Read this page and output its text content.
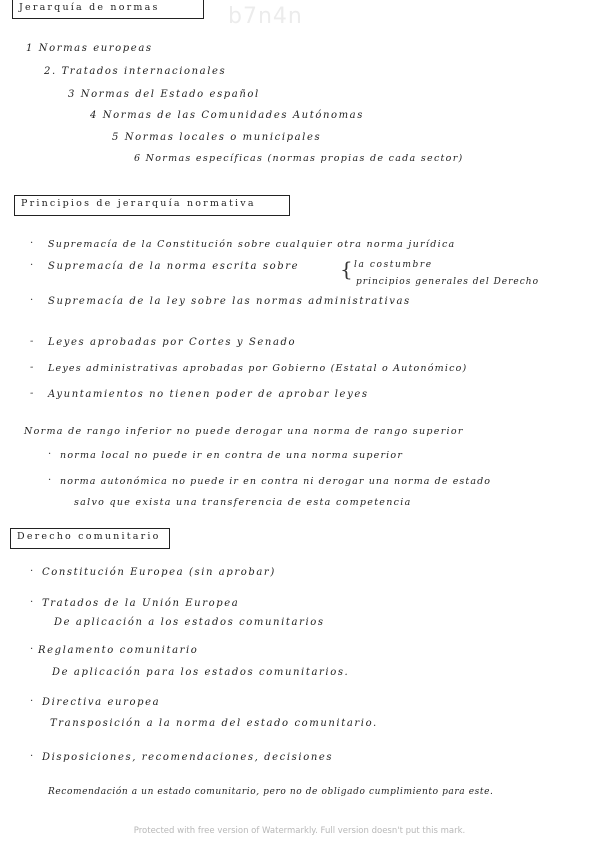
b7n4n
Jerarquía de normas
1 Normas europeas
2. Tratados internacionales
3 Normas del Estado español
4 Normas de las Comunidades Autónomas
5 Normas locales o municipales
6 Normas específicas (normas propias de cada sector)
Principios de jerarquía normativa
· Supremacía de la Constitución sobre cualquier otra norma jurídica
· Supremacía de la norma escrita sobre { la costumbre
principios generales del Derecho
· Supremacía de la ley sobre las normas administrativas
- Leyes aprobadas por Cortes y Senado
- Leyes administrativas aprobadas por Gobierno (Estatal o Autonómico)
- Ayuntamientos no tienen poder de aprobar leyes
Norma de rango inferior no puede derogar una norma de rango superior
· norma local no puede ir en contra de una norma superior
· norma autonómica no puede ir en contra ni derogar una norma de estado
salvo que exista una transferencia de esta competencia
Derecho comunitario
· Constitución Europea (sin aprobar)
· Tratados de la Unión Europea
De aplicación a los estados comunitarios
· Reglamento comunitario
De aplicación para los estados comunitarios.
· Directiva europea
Transposición a la norma del estado comunitario.
· Disposiciones, recomendaciones, decisiones
Recomendación a un estado comunitario, pero no de obligado cumplimiento para este.
Protected with free version of Watermarkly. Full version doesn't put this mark.
